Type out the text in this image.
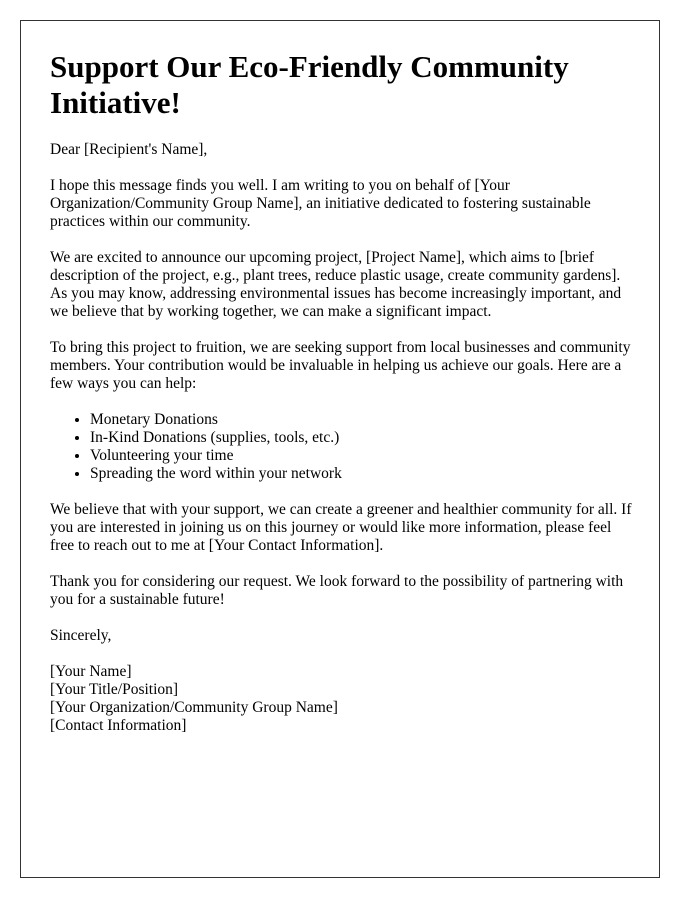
Support Our Eco-Friendly Community Initiative!

Dear [Recipient's Name],

I hope this message finds you well. I am writing to you on behalf of [Your Organization/Community Group Name], an initiative dedicated to fostering sustainable practices within our community.

We are excited to announce our upcoming project, [Project Name], which aims to [brief description of the project, e.g., plant trees, reduce plastic usage, create community gardens]. As you may know, addressing environmental issues has become increasingly important, and we believe that by working together, we can make a significant impact.

To bring this project to fruition, we are seeking support from local businesses and community members. Your contribution would be invaluable in helping us achieve our goals. Here are a few ways you can help:

• Monetary Donations
• In-Kind Donations (supplies, tools, etc.)
• Volunteering your time
• Spreading the word within your network

We believe that with your support, we can create a greener and healthier community for all. If you are interested in joining us on this journey or would like more information, please feel free to reach out to me at [Your Contact Information].

Thank you for considering our request. We look forward to the possibility of partnering with you for a sustainable future!

Sincerely,

[Your Name]
[Your Title/Position]
[Your Organization/Community Group Name]
[Contact Information]
